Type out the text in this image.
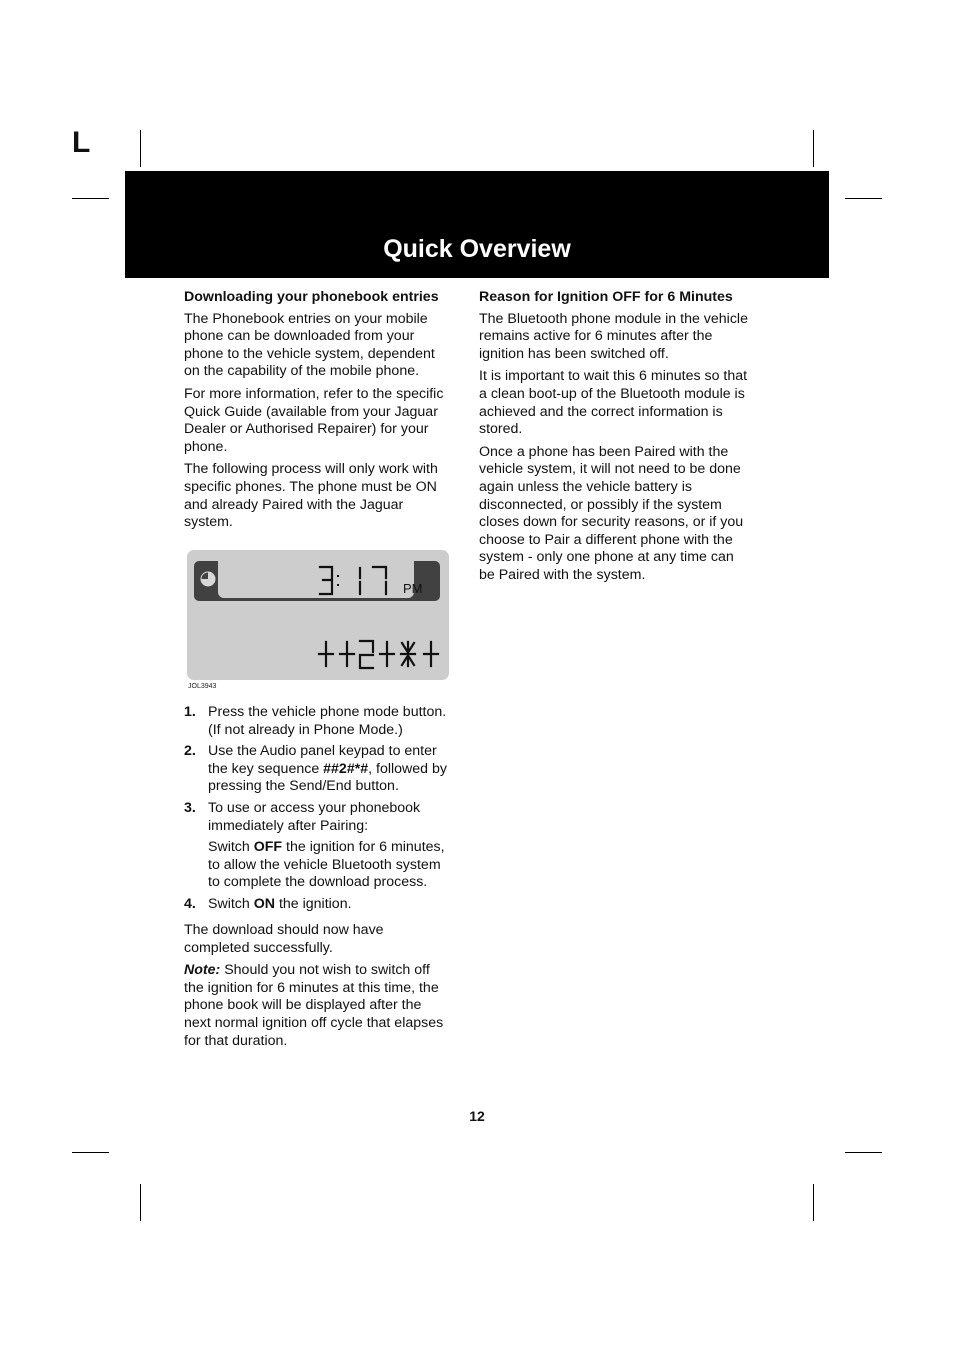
L
Quick Overview
Downloading your phonebook entries

The Phonebook entries on your mobile phone can be downloaded from your phone to the vehicle system, dependent on the capability of the mobile phone.

For more information, refer to the specific Quick Guide (available from your Jaguar Dealer or Authorised Repairer) for your phone.

The following process will only work with specific phones. The phone must be ON and already Paired with the Jaguar system.

PM
JOL3943
1. Press the vehicle phone mode button. (If not already in Phone Mode.)
2. Use the Audio panel keypad to enter the key sequence ##2#*#, followed by pressing the Send/End button.
3. To use or access your phonebook immediately after Pairing:
Switch OFF the ignition for 6 minutes, to allow the vehicle Bluetooth system to complete the download process.
4. Switch ON the ignition.

The download should now have completed successfully.

Note: Should you not wish to switch off the ignition for 6 minutes at this time, the phone book will be displayed after the next normal ignition off cycle that elapses for that duration.

Reason for Ignition OFF for 6 Minutes

The Bluetooth phone module in the vehicle remains active for 6 minutes after the ignition has been switched off.

It is important to wait this 6 minutes so that a clean boot-up of the Bluetooth module is achieved and the correct information is stored.

Once a phone has been Paired with the vehicle system, it will not need to be done again unless the vehicle battery is disconnected, or possibly if the system closes down for security reasons, or if you choose to Pair a different phone with the system - only one phone at any time can be Paired with the system.

12
